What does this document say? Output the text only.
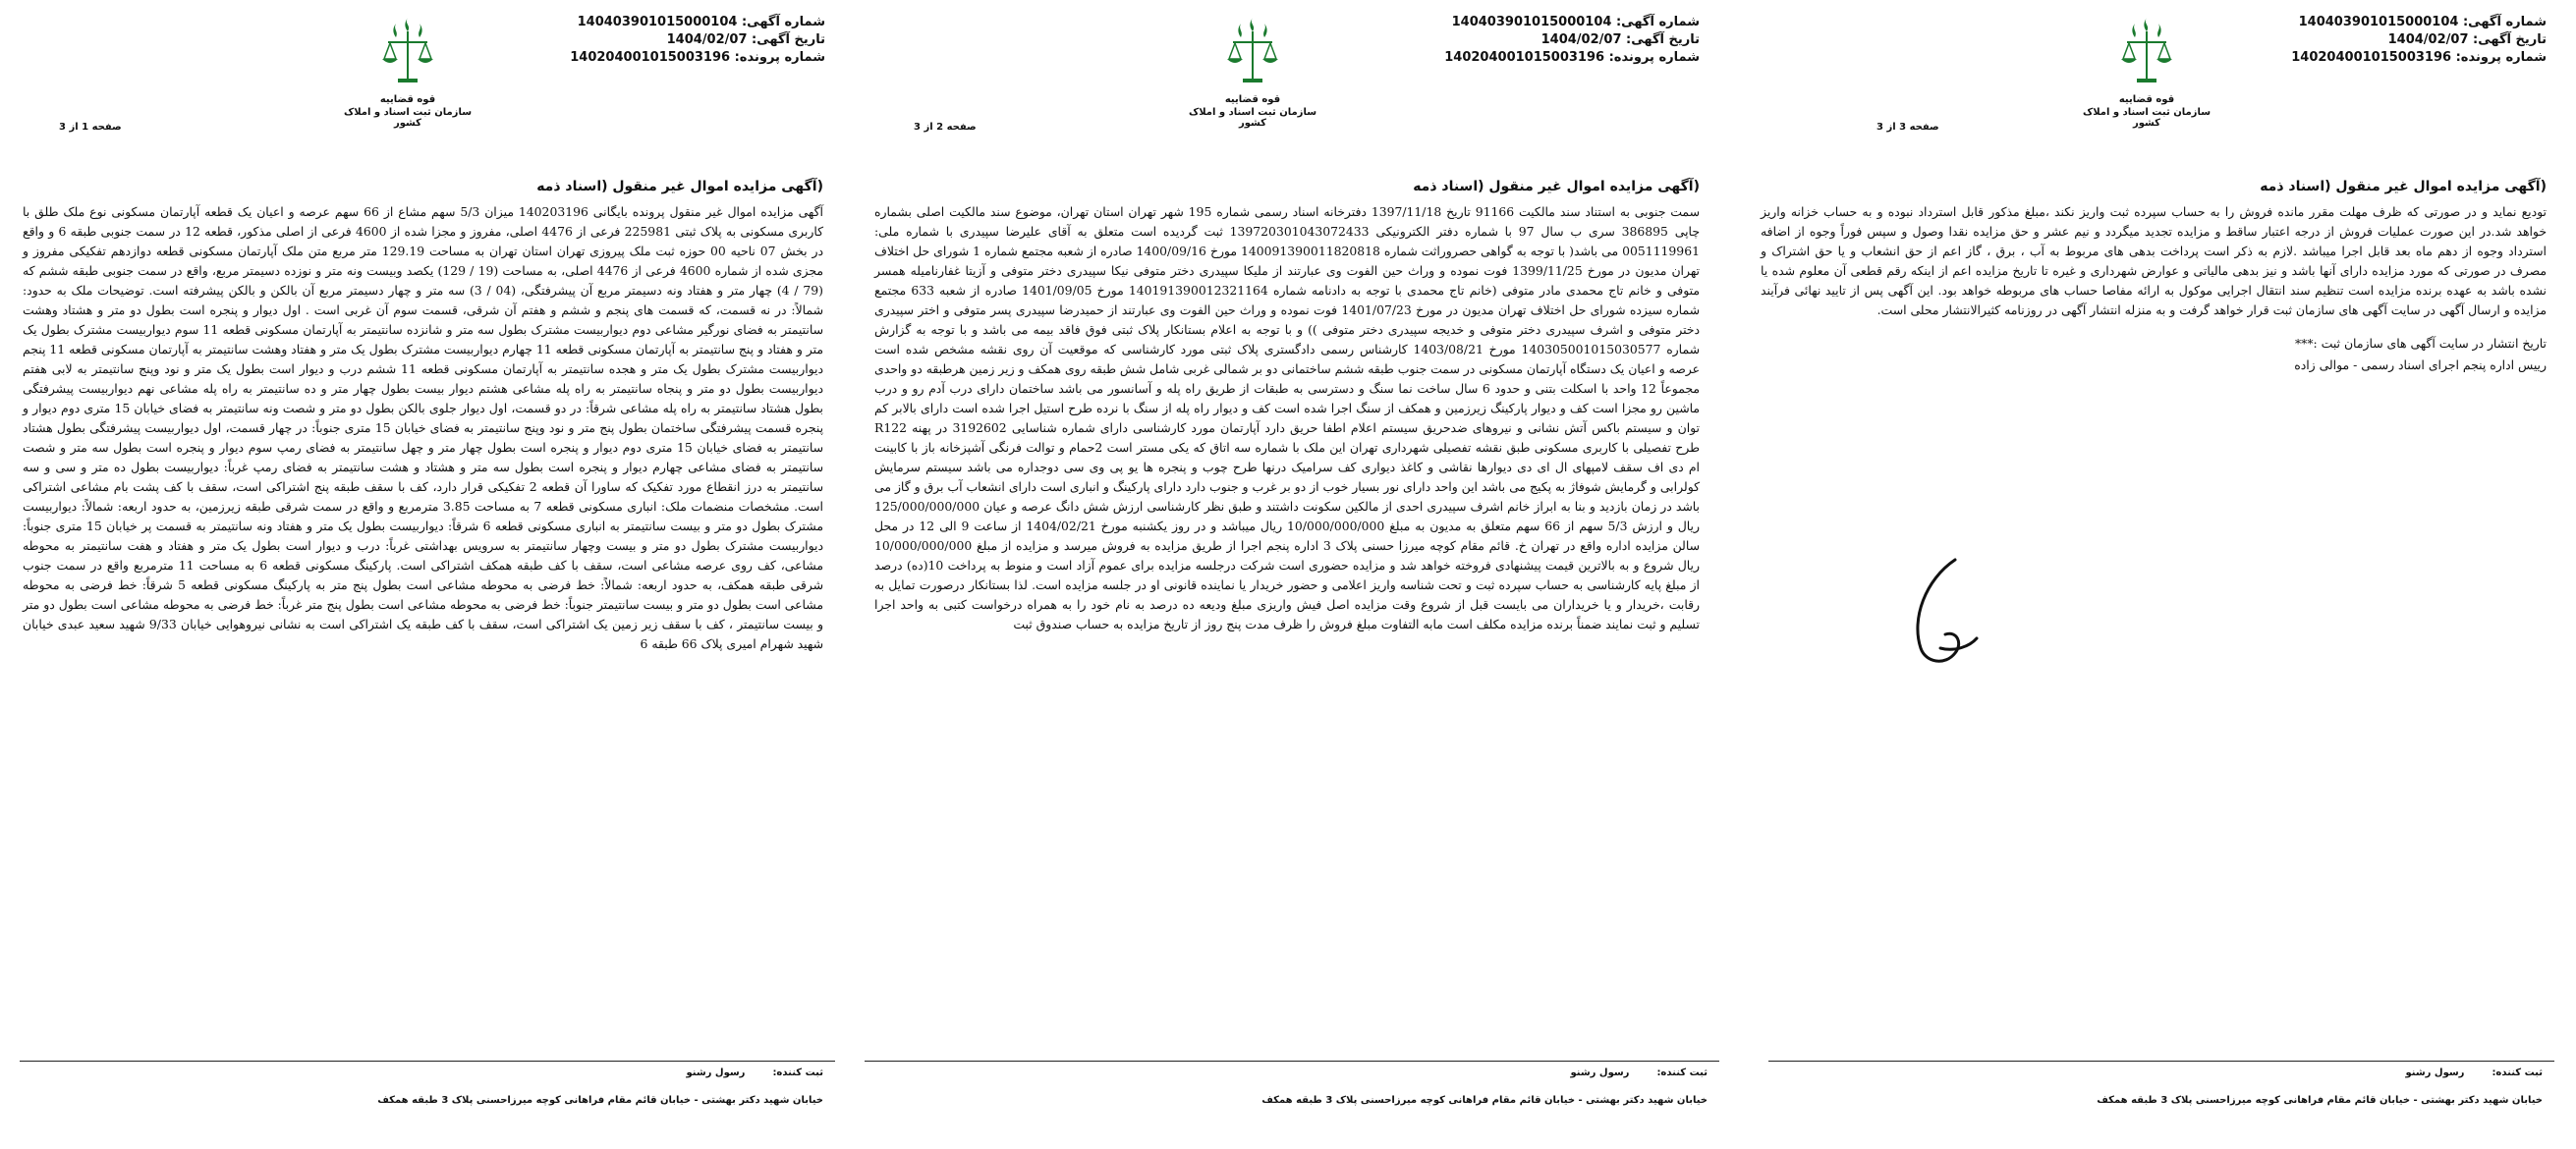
شماره آگهی: 140403901015000104
تاریخ آگهی: 1404/02/07
شماره پرونده: 140204001015003196
قوه قضاییه
سازمان ثبت اسناد و املاک کشور
صفحه 1 از 3
(آگهی مزایده اموال غیر منقول (اسناد ذمه

آگهی مزایده اموال غیر منقول پرونده بایگانی 140203196 میزان 5/3 سهم مشاع از 66 سهم عرصه و اعیان یک قطعه آپارتمان مسکونی نوع ملک طلق با کاربری مسکونی به پلاک ثبتی 225981 فرعی از 4476 اصلی، مفروز و مجزا شده از 4600 فرعی از اصلی مذکور، قطعه 12 در سمت جنوبی طبقه 6 و واقع در بخش 07 ناحیه 00 حوزه ثبت ملک پیروزی تهران استان تهران به مساحت 129.19 متر مربع متن ملک آپارتمان مسکونی قطعه دوازدهم تفکیکی مفروز و مجزی شده از شماره 4600 فرعی از 4476 اصلی، به مساحت (19 / 129) یکصد وبیست ونه متر و نوزده دسیمتر مربع، واقع در سمت جنوبی طبقه ششم که (79 / 4) چهار متر و هفتاد ونه دسیمتر مربع آن پیشرفتگی، (04 / 3) سه متر و چهار دسیمتر مربع آن بالکن و بالکن پیشرفته است. توضیحات ملک به حدود: شمالاً: در نه قسمت، که قسمت های پنجم و ششم و هفتم آن شرقی، قسمت سوم آن غربی است . اول دیوار و پنجره است بطول دو متر و هشتاد وهشت سانتیمتر به فضای نورگیر مشاعی دوم دیواربیست مشترک بطول سه متر و شانزده سانتیمتر به آپارتمان مسکونی قطعه 11 سوم دیواربیست مشترک بطول یک متر و هفتاد و پنج سانتیمتر به آپارتمان مسکونی قطعه 11 چهارم دیواربیست مشترک بطول یک متر و هفتاد وهشت سانتیمتر به آپارتمان مسکونی قطعه 11 پنجم دیواربیست مشترک بطول یک متر و هجده سانتیمتر به آپارتمان مسکونی قطعه 11 ششم درب و دیوار است بطول یک متر و نود وپنج سانتیمتر به لابی هفتم دیواربیست بطول دو متر و پنجاه سانتیمتر به راه پله مشاعی هشتم دیوار بیست بطول چهار متر و ده سانتیمتر به راه پله مشاعی نهم دیواربیست پیشرفتگی بطول هشتاد سانتیمتر به راه پله مشاعی شرقاً: در دو قسمت، اول دیوار جلوی بالکن بطول دو متر و شصت ونه سانتیمتر به فضای خیابان 15 متری دوم دیوار و پنجره قسمت پیشرفتگی ساختمان بطول پنج متر و نود وپنج سانتیمتر به فضای خیابان 15 متری جنوباً: در چهار قسمت، اول دیواربیست پیشرفتگی بطول هشتاد سانتیمتر به فضای خیابان 15 متری دوم دیوار و پنجره است بطول چهار متر و چهل سانتیمتر به فضای رمپ سوم دیوار و پنجره است بطول سه متر و شصت سانتیمتر به فضای مشاعی چهارم دیوار و پنجره است بطول سه متر و هشتاد و هشت سانتیمتر به فضای رمپ غرباً: دیواربیست بطول ده متر و سی و سه سانتیمتر به درز انقطاع مورد تفکیک که ساورا آن قطعه 2 تفکیکی قرار دارد، کف با سقف طبقه پنج اشتراکی است، سقف با کف پشت بام مشاعی اشتراکی است. مشخصات منضمات ملک: انباری مسکونی قطعه 7 به مساحت 3.85 مترمربع و واقع در سمت شرقی طبقه زیرزمین، به حدود اربعه: شمالاً: دیواربیست مشترک بطول دو متر و بیست سانتیمتر به انباری مسکونی قطعه 6 شرقاً: دیواربیست بطول یک متر و هفتاد ونه سانتیمتر به قسمت پر خیابان 15 متری جنوباً: دیواربیست مشترک بطول دو متر و بیست وچهار سانتیمتر به سرویس بهداشتی غرباً: درب و دیوار است بطول یک متر و هفتاد و هفت سانتیمتر به محوطه مشاعی، کف روی عرصه مشاعی است، سقف با کف طبقه همکف اشتراکی است. پارکینگ مسکونی قطعه 6 به مساحت 11 مترمربع واقع در سمت جنوب شرقی طبقه همکف، به حدود اربعه: شمالاً: خط فرضی به محوطه مشاعی است بطول پنج متر به پارکینگ مسکونی قطعه 5 شرقاً: خط فرضی به محوطه مشاعی است بطول دو متر و بیست سانتیمتر جنوباً: خط فرضی به محوطه مشاعی است بطول پنج متر غرباً: خط فرضی به محوطه مشاعی است بطول دو متر و بیست سانتیمتر ، کف با سقف زیر زمین یک اشتراکی است، سقف با کف طبقه یک اشتراکی است به نشانی نیروهوایی خیابان 9/33 شهید سعید عبدی خیابان شهید شهرام امیری پلاک 66 طبقه 6

ثبت کننده:رسول رشنو
خیابان شهید دکتر بهشتی - خیابان قائم مقام فراهانی کوچه میرزاحسنی پلاک 3 طبقه همکف
شماره آگهی: 140403901015000104
تاریخ آگهی: 1404/02/07
شماره پرونده: 140204001015003196
قوه قضاییه
سازمان ثبت اسناد و املاک کشور
صفحه 2 از 3
(آگهی مزایده اموال غیر منقول (اسناد ذمه

سمت جنوبی به استناد سند مالکیت 91166 تاریخ 1397/11/18 دفترخانه اسناد رسمی شماره 195 شهر تهران استان تهران، موضوع سند مالکیت اصلی بشماره چاپی 386895 سری ب سال 97 با شماره دفتر الکترونیکی 139720301043072433 ثبت گردیده است متعلق به آقای علیرضا سپیدری با شماره ملی: 0051119961 می باشد( با توجه به گواهی حصروراثت شماره 140091390011820818 مورخ 1400/09/16 صادره از شعبه مجتمع شماره 1 شورای حل اختلاف تهران مدیون در مورخ 1399/11/25 فوت نموده و وراث حین الفوت وی عبارتند از ملیکا سپیدری دختر متوفی نیکا سپیدری دختر متوفی و آزیتا غفارنامیله همسر متوفی و خانم تاج محمدی مادر متوفی (خانم تاج محمدی با توجه به دادنامه شماره 140191390012321164 مورخ 1401/09/05 صادره از شعبه 633 مجتمع شماره سیزده شورای حل اختلاف تهران مدیون در مورخ 1401/07/23 فوت نموده و وراث حین الفوت وی عبارتند از حمیدرضا سپیدری پسر متوفی و اختر سپیدری دختر متوفی و اشرف سپیدری دختر متوفی و خدیجه سپیدری دختر متوفی )) و با توجه به اعلام بستانکار پلاک ثبتی فوق فاقد بیمه می باشد و با توجه به گزارش شماره 140305001015030577 مورخ 1403/08/21 کارشناس رسمی دادگستری پلاک ثبتی مورد کارشناسی که موقعیت آن روی نقشه مشخص شده است عرصه و اعیان یک دستگاه آپارتمان مسکونی در سمت جنوب طبقه ششم ساختمانی دو بر شمالی غربی شامل شش طبقه روی همکف و زیر زمین هرطبقه دو واحدی مجموعاً 12 واحد با اسکلت بتنی و حدود 6 سال ساخت نما سنگ و دسترسی به طبقات از طریق راه پله و آسانسور می باشد ساختمان دارای درب آدم رو و درب ماشین رو مجزا است کف و دیوار پارکینگ زیرزمین و همکف از سنگ اجرا شده است کف و دیوار راه پله از سنگ با نرده طرح استیل اجرا شده است دارای بالابر کم توان و سیستم باکس آتش نشانی و نیروهای ضدحریق سیستم اعلام اطفا حریق دارد آپارتمان مورد کارشناسی دارای شماره شناسایی 3192602 در پهنه R122 طرح تفصیلی با کاربری مسکونی طبق نقشه تفصیلی شهرداری تهران این ملک با شماره سه اتاق که یکی مستر است 2حمام و توالت فرنگی آشپزخانه باز با کابینت ام دی اف سقف لامپهای ال ای دی دیوارها نقاشی و کاغذ دیواری کف سرامیک درنها طرح چوب و پنجره ها یو پی وی سی دوجداره می باشد سیستم سرمایش کولرابی و گرمایش شوفاژ به پکیج می باشد این واحد دارای نور بسیار خوب از دو بر غرب و جنوب دارد دارای پارکینگ و انباری است دارای انشعاب آب برق و گاز می باشد در زمان بازدید و بنا به ابراز خانم اشرف سپیدری احدی از مالکین سکونت داشتند و طبق نظر کارشناسی ارزش شش دانگ عرصه و عیان 125/000/000/000 ریال و ارزش 5/3 سهم از 66 سهم متعلق به مدیون به مبلغ 10/000/000/000 ریال میباشد و در روز یکشنبه مورخ 1404/02/21 از ساعت 9 الی 12 در محل سالن مزایده اداره واقع در تهران خ. قائم مقام کوچه میرزا حسنی پلاک 3 اداره پنجم اجرا از طریق مزایده به فروش میرسد و مزایده از مبلغ 10/000/000/000 ریال شروع و به بالاترین قیمت پیشنهادی فروخته خواهد شد و مزایده حضوری است شرکت درجلسه مزایده برای عموم آزاد است و منوط به پرداخت 10(ده) درصد از مبلغ پایه کارشناسی به حساب سپرده ثبت و تحت شناسه واریز اعلامی و حضور خریدار یا نماینده قانونی او در جلسه مزایده است. لذا بستانکار درصورت تمایل به رقابت ،خریدار و یا خریداران می بایست قبل از شروع وقت مزایده اصل فیش واریزی مبلغ ودیعه ده درصد به نام خود را به همراه درخواست کتبی به واحد اجرا تسلیم و ثبت نمایند ضمناً برنده مزایده مکلف است مابه التفاوت مبلغ فروش را ظرف مدت پنج روز از تاریخ مزایده به حساب صندوق ثبت

ثبت کننده:رسول رشنو
خیابان شهید دکتر بهشتی - خیابان قائم مقام فراهانی کوچه میرزاحسنی پلاک 3 طبقه همکف
شماره آگهی: 140403901015000104
تاریخ آگهی: 1404/02/07
شماره پرونده: 140204001015003196
قوه قضاییه
سازمان ثبت اسناد و املاک کشور
صفحه 3 از 3
(آگهی مزایده اموال غیر منقول (اسناد ذمه

تودیع نماید و در صورتی که ظرف مهلت مقرر مانده فروش را به حساب سپرده ثبت واریز نکند ،مبلغ مذکور قابل استرداد نبوده و به حساب خزانه واریز خواهد شد.در این صورت عملیات فروش از درجه اعتبار ساقط و مزایده تجدید میگردد و نیم عشر و حق مزایده نقدا وصول و سپس فوراً وجوه از اضافه استرداد وجوه از دهم ماه بعد قابل اجرا میباشد .لازم به ذکر است پرداخت بدهی های مربوط به آب ، برق ، گاز اعم از حق انشعاب و یا حق اشتراک و مصرف در صورتی که مورد مزایده دارای آنها باشد و نیز بدهی مالیاتی و عوارض شهرداری و غیره تا تاریخ مزایده اعم از اینکه رقم قطعی آن معلوم شده یا نشده باشد به عهده برنده مزایده است تنظیم سند انتقال اجرایی موکول به ارائه مفاصا حساب های مربوطه خواهد بود. این آگهی پس از تایید نهائی فرآیند مزایده و ارسال آگهی در سایت آگهی های سازمان ثبت قرار خواهد گرفت و به منزله انتشار آگهی در روزنامه کثیرالانتشار محلی است.

تاریخ انتشار در سایت آگهی های سازمان ثبت :***

رییس اداره پنجم اجرای اسناد رسمی - موالی زاده

ثبت کننده:رسول رشنو
خیابان شهید دکتر بهشتی - خیابان قائم مقام فراهانی کوچه میرزاحسنی پلاک 3 طبقه همکف
